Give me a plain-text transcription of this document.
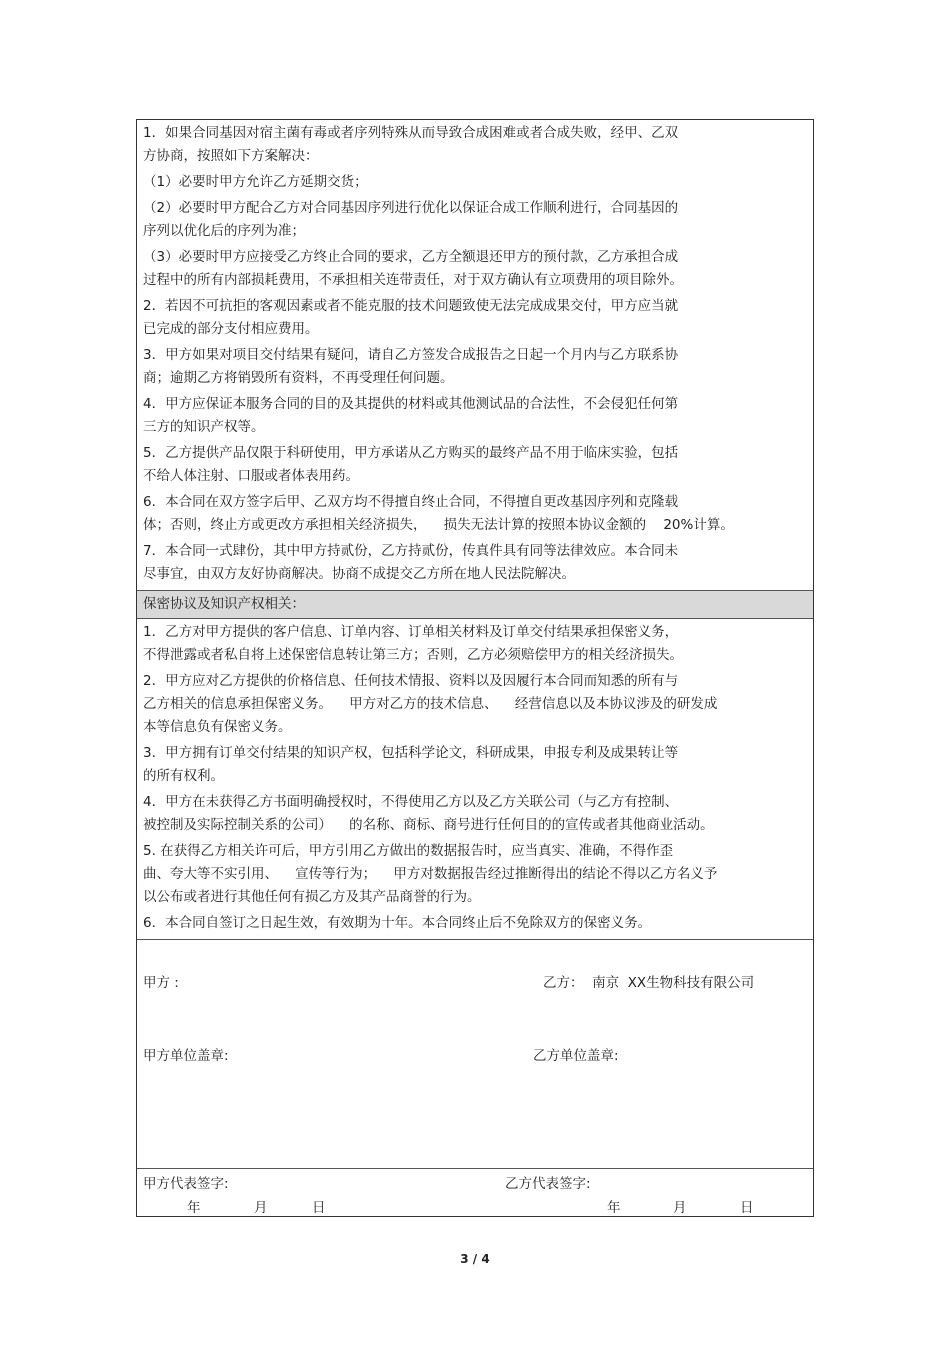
1．如果合同基因对宿主菌有毒或者序列特殊从而导致合成困难或者合成失败，经甲、乙双

方协商，按照如下方案解决：

（1）必要时甲方允许乙方延期交货；

（2）必要时甲方配合乙方对合同基因序列进行优化以保证合成工作顺利进行，合同基因的

序列以优化后的序列为准；

（3）必要时甲方应接受乙方终止合同的要求，乙方全额退还甲方的预付款，乙方承担合成

过程中的所有内部损耗费用，不承担相关连带责任，对于双方确认有立项费用的项目除外。

2．若因不可抗拒的客观因素或者不能克服的技术问题致使无法完成成果交付，甲方应当就

已完成的部分支付相应费用。

3．甲方如果对项目交付结果有疑问，请自乙方签发合成报告之日起一个月内与乙方联系协

商；逾期乙方将销毁所有资料，不再受理任何问题。

4．甲方应保证本服务合同的目的及其提供的材料或其他测试品的合法性，不会侵犯任何第

三方的知识产权等。

5．乙方提供产品仅限于科研使用，甲方承诺从乙方购买的最终产品不用于临床实验，包括

不给人体注射、口服或者体表用药。

6．本合同在双方签字后甲、乙双方均不得擅自终止合同，不得擅自更改基因序列和克隆载

体；否则，终止方或更改方承担相关经济损失，    损失无法计算的按照本协议金额的    20%计算。

7．本合同一式肆份，其中甲方持贰份，乙方持贰份，传真件具有同等法律效应。本合同未

尽事宜，由双方友好协商解决。协商不成提交乙方所在地人民法院解决。

保密协议及知识产权相关：

1．乙方对甲方提供的客户信息、订单内容、订单相关材料及订单交付结果承担保密义务，

不得泄露或者私自将上述保密信息转让第三方；否则，乙方必须赔偿甲方的相关经济损失。

2．甲方应对乙方提供的价格信息、任何技术情报、资料以及因履行本合同而知悉的所有与

乙方相关的信息承担保密义务。    甲方对乙方的技术信息、    经营信息以及本协议涉及的研发成

本等信息负有保密义务。

3．甲方拥有订单交付结果的知识产权，包括科学论文，科研成果，申报专利及成果转让等

的所有权利。

4．甲方在未获得乙方书面明确授权时，不得使用乙方以及乙方关联公司（与乙方有控制、

被控制及实际控制关系的公司）    的名称、商标、商号进行任何目的的宣传或者其他商业活动。

5. 在获得乙方相关许可后，甲方引用乙方做出的数据报告时，应当真实、准确，不得作歪

曲、夸大等不实引用、    宣传等行为；    甲方对数据报告经过推断得出的结论不得以乙方名义予

以公布或者进行其他任何有损乙方及其产品商誉的行为。

6．本合同自签订之日起生效，有效期为十年。本合同终止后不免除双方的保密义务。

甲方 :	乙方：  南京  XX生物科技有限公司
甲方单位盖章:	乙方单位盖章:
甲方代表签字:	乙方代表签字:
年	月	日	年	月	日
3 / 4
